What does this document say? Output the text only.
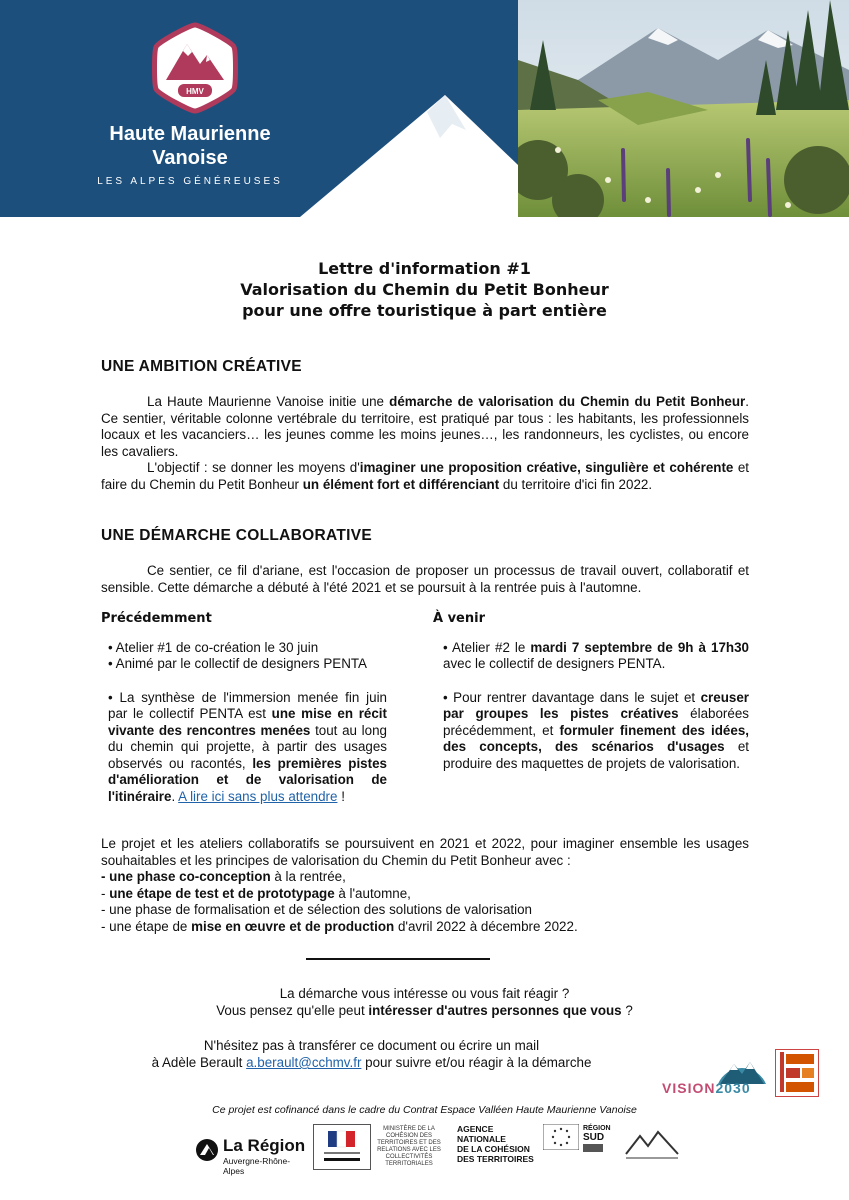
HMV
Haute Maurienne
Vanoise
LES ALPES GÉNÉREUSES
Lettre d'information #1
Valorisation du Chemin du Petit Bonheur
pour une offre touristique à part entière
UNE AMBITION CRÉATIVE
La Haute Maurienne Vanoise initie une démarche de valorisation du Chemin du Petit Bonheur. Ce sentier, véritable colonne vertébrale du territoire, est pratiqué par tous : les habitants, les professionnels locaux et les vacanciers… les jeunes comme les moins jeunes…, les randonneurs, les cyclistes, ou encore les cavaliers.
L'objectif : se donner les moyens d'imaginer une proposition créative, singulière et cohérente et faire du Chemin du Petit Bonheur un élément fort et différenciant du territoire d'ici fin 2022.
UNE DÉMARCHE COLLABORATIVE
Ce sentier, ce fil d'ariane, est l'occasion de proposer un processus de travail ouvert, collaboratif et sensible. Cette démarche a débuté à l'été 2021 et se poursuit à la rentrée puis à l'automne.
Précédemment

• Atelier #1 de co-création le 30 juin

• Animé par le collectif de designers PENTA

• La synthèse de l'immersion menée fin juin par le collectif PENTA est une mise en récit vivante des rencontres menées tout au long du chemin qui projette, à partir des usages observés ou racontés, les premières pistes d'amélioration et de valorisation de l'itinéraire. A lire ici sans plus attendre !

À venir

• Atelier #2 le mardi 7 septembre de 9h à 17h30 avec le collectif de designers PENTA.

• Pour rentrer davantage dans le sujet et creuser par groupes les pistes créatives élaborées précédemment, et formuler finement des idées, des concepts, des scénarios d'usages et produire des maquettes de projets de valorisation.

Le projet et les ateliers collaboratifs se poursuivent en 2021 et 2022, pour imaginer ensemble les usages souhaitables et les principes de valorisation du Chemin du Petit Bonheur avec :
- une phase co-conception à la rentrée,
- une étape de test et de prototypage à l'automne,
- une phase de formalisation et de sélection des solutions de valorisation
- une étape de mise en œuvre et de production d'avril 2022 à décembre 2022.
La démarche vous intéresse ou vous fait réagir ?
Vous pensez qu'elle peut intéresser d'autres personnes que vous ?
N'hésitez pas à transférer ce document ou écrire un mail
à Adèle Berault a.berault@cchmv.fr pour suivre et/ou réagir à la démarche
VISION2030
Ce projet est cofinancé dans le cadre du Contrat Espace Valléen Haute Maurienne Vanoise
La Région
Auvergne-Rhône-Alpes
MINISTÈRE DE LA COHÉSION DES TERRITOIRES ET DES RELATIONS AVEC LES COLLECTIVITÉS TERRITORIALES
AGENCE
NATIONALE
DE LA COHÉSION
DES TERRITOIRES
RÉGION
SUD
